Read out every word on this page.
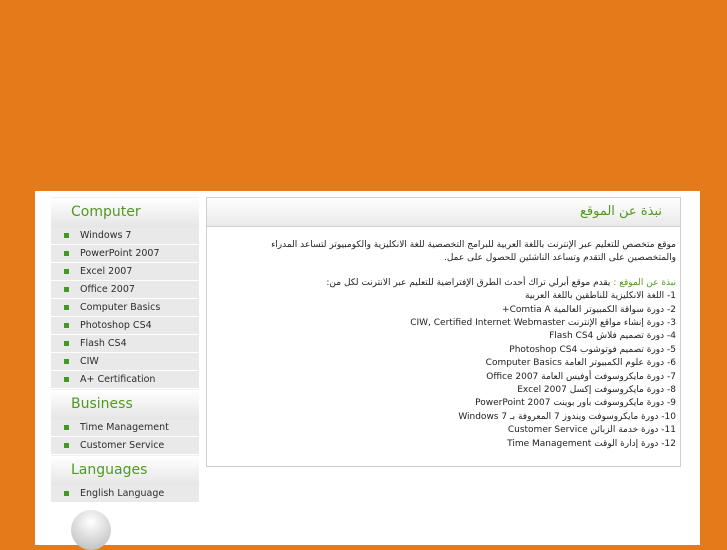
Computer
Windows 7
PowerPoint 2007
Excel 2007
Office 2007
Computer Basics
Photoshop CS4
Flash CS4
CIW
A+ Certification
Business
Time Management
Customer Service
Languages
English Language
نبذة عن الموقع

موقع متخصص للتعليم عبر الإنترنت باللغة العربية للبرامج التخصصية للغة الانكليزية والكومبيوتر لتساعد المدراء

والمتخصصين على التقدم وتساعد الناشئين للحصول على عمل.

نبذة عن الموقع : يقدم موقع أبرلي تراك أحدث الطرق الإفتراضية للتعليم عبر الانترنت لكل من:

1- اللغة الانكليزية للناطقين باللغة العربية

2- دورة سواقة الكمبيوتر العالمية Comtia A+

3- دورة إنشاء مواقع الإنترنت CIW, Certified Internet Webmaster

4- دورة تصميم فلاش Flash CS4

5- دورة تصميم فوتوشوب Photoshop CS4

6- دورة علوم الكمبيوتر العامة Computer Basics

7- دورة مايكروسوفت أوفيس العامة Office 2007

8- دورة مايكروسوفت إكسل Excel 2007

9- دورة مايكروسوفت باور بوينت PowerPoint 2007

10- دورة مايكروسوفت ويندوز 7 المعروفة بـ Windows 7

11- دورة خدمة الزبائن Customer Service

12- دورة إدارة الوقت Time Management
